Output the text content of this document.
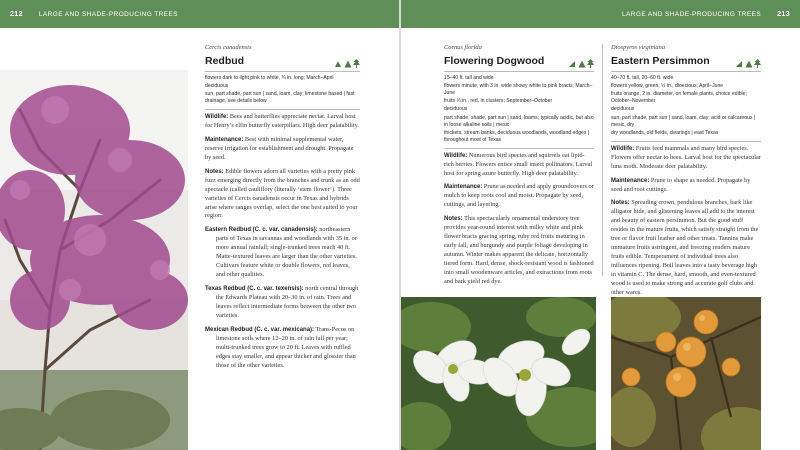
212 LARGE AND SHADE-PRODUCING TREES	LARGE AND SHADE-PRODUCING TREES 213
Cercis canadensis
Redbud

flowers dark to light pink to white, ¼ in. long; March–April

deciduous

sun, part shade, part sun | sand, loam, clay; limestone based | fast drainage, see details below

Wildlife: Bees and butterflies appreciate nectar. Larval host for Henry’s elfin butterfly caterpillars. High deer palatability.

Maintenance: Best with minimal supplemental water, reserve irrigation for establishment and drought. Propagate by seed.

Notes: Edible flowers adorn all varieties with a pretty pink fuzz emerging directly from the branches and trunk as an odd spectacle (called cauliflory (literally ‘stem flower’). Three varieties of Cercis canadensis occur in Texas and hybrids arise where ranges overlap, select the one best suited to your region:

Eastern Redbud (C. c. var. canadensis): northeastern parts of Texas in savannas and woodlands with 35 in. or more annual rainfall; single-trunked trees reach 40 ft. Matte-textured leaves are larger than the other varieties. Cultivars feature white or double flowers, red leaves, and other qualities.

Texas Redbud (C. c. var. texensis): north central through the Edwards Plateau with 20–30 in. of rain. Trees and leaves reflect intermediate forms between the other two varieties.

Mexican Redbud (C. c. var. mexicana): Trans-Pecos on limestone soils where 12–20 in. of rain fall per year; multi-trunked trees grow to 20 ft. Leaves with ruffled edges stay smaller, and appear thicker and glossier than those of the other varieties.

Cornus florida
Flowering Dogwood

15–40 ft. tall and wide

flowers minute, with 3 in. wide showy white to pink bracts; March–June

fruits ⅓ in., red, in clusters; September–October

deciduous

part shade, shade, part sun | sand, loams; typically acidic, but also in loose alkaline soils | mesic

thickets, stream banks, deciduous woodlands, woodland edges | throughout most of Texas

Wildlife: Numerous bird species and squirrels eat lipid-rich berries. Flowers entice small insect pollinators. Larval host for spring azure butterfly. High deer palatability.

Maintenance: Prune as needed and apply groundcovers or mulch to keep roots cool and moist. Propagate by seed, cuttings, and layering.

Notes: This spectacularly ornamental understory tree provides year-round interest with milky white and pink flower bracts gracing spring, ruby red fruits maturing in early fall, and burgundy and purple foliage developing in autumn. Winter makes apparent the delicate, horizontally tiered form. Hard, dense, shock-resistant wood is fashioned into small woodenware articles, and extractions from roots and bark yield red dye.

Diospyros virginiana
Eastern Persimmon

40–70 ft. tall, 20–60 ft. wide

flowers yellow, green, ½ in., dioecious; April–June

fruits orange, 2 in. diameter, on female plants, choice edible; October–November

deciduous

sun, part shade, part sun | sand, loam, clay; acid or calcareous | mesic, dry

dry woodlands, old fields, clearings | east Texas

Wildlife: Fruits feed mammals and many bird species. Flowers offer nectar to bees. Larval host for the spectacular luna moth. Moderate deer palatability.

Maintenance: Prune to shape as needed. Propagate by seed and root cuttings.

Notes: Spreading crown, pendulous branches, bark like alligator hide, and glistening leaves all add to the interest and beauty of eastern persimmon. But the good stuff resides in the mature fruits, which satisfy straight from the tree or flavor fruit leather and other treats. Tannins make immature fruits astringent, and freezing renders mature fruits edible. Temperament of individual trees also influences ripening. Boil leaves into a tasty beverage high in vitamin C. The dense, hard, smooth, and even-textured wood is used to make strong and accurate golf clubs and other wares.
